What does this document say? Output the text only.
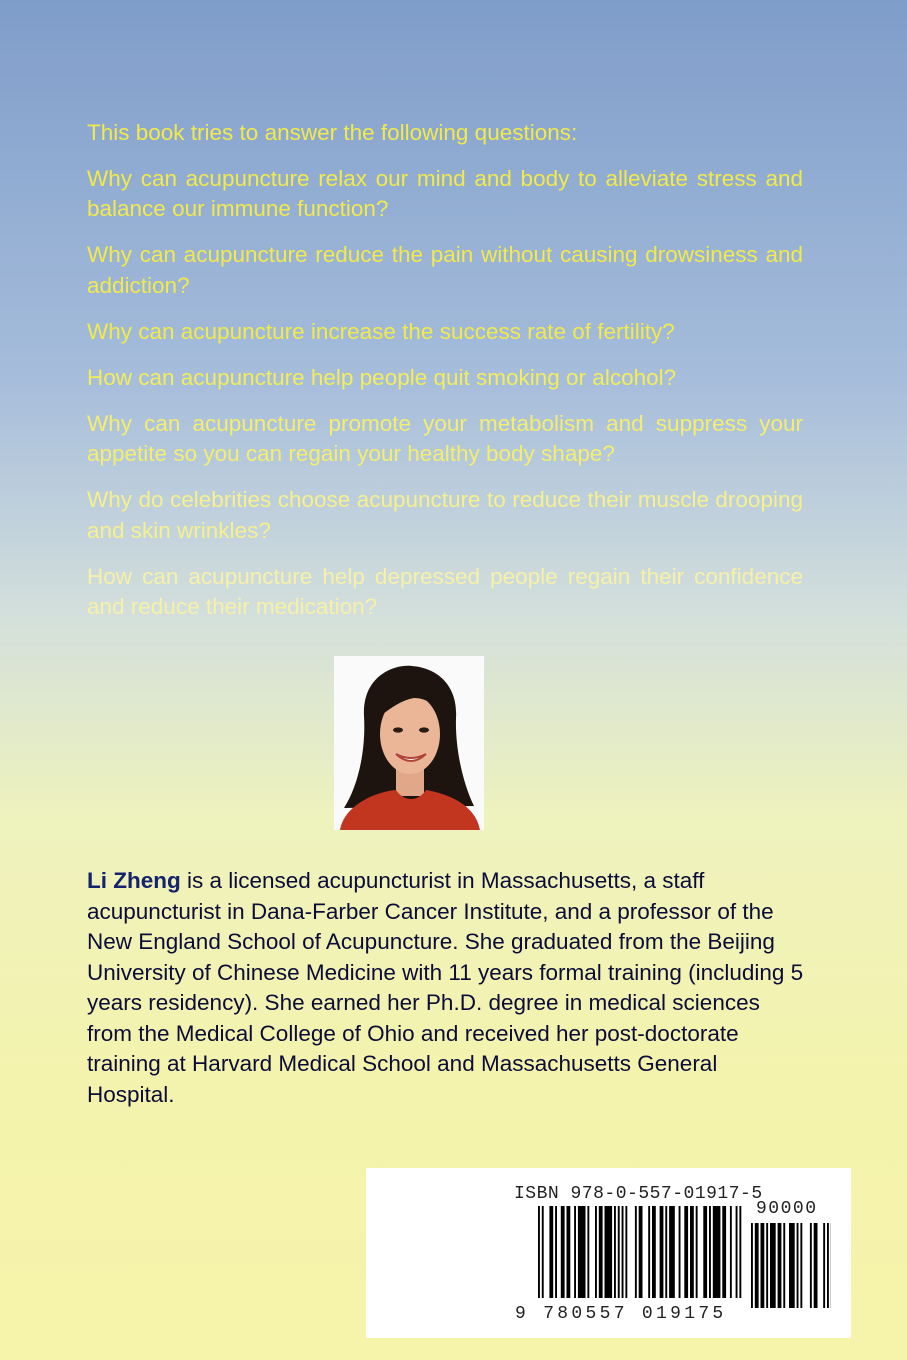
This book tries to answer the following questions:

Why can acupuncture relax our mind and body to alleviate stress and balance our immune function?

Why can acupuncture reduce the pain without causing drowsiness and addiction?

Why can acupuncture increase the success rate of fertility?

How can acupuncture help people quit smoking or alcohol?

Why can acupuncture promote your metabolism and suppress your appetite so you can regain your healthy body shape?

Why do celebrities choose acupuncture to reduce their muscle drooping and skin wrinkles?

How can acupuncture help depressed people regain their confidence and reduce their medication?

Li Zheng is a licensed acupuncturist in Massachusetts, a staff acupuncturist in Dana-Farber Cancer Institute, and a professor of the New England School of Acupuncture. She graduated from the Beijing University of Chinese Medicine with 11 years formal training (including 5 years residency). She earned her Ph.D. degree in medical sciences from the Medical College of Ohio and received her post-doctorate training at Harvard Medical School and Massachusetts General Hospital.

ISBN 978-0-557-01917-5
90000
9 780557 019175
